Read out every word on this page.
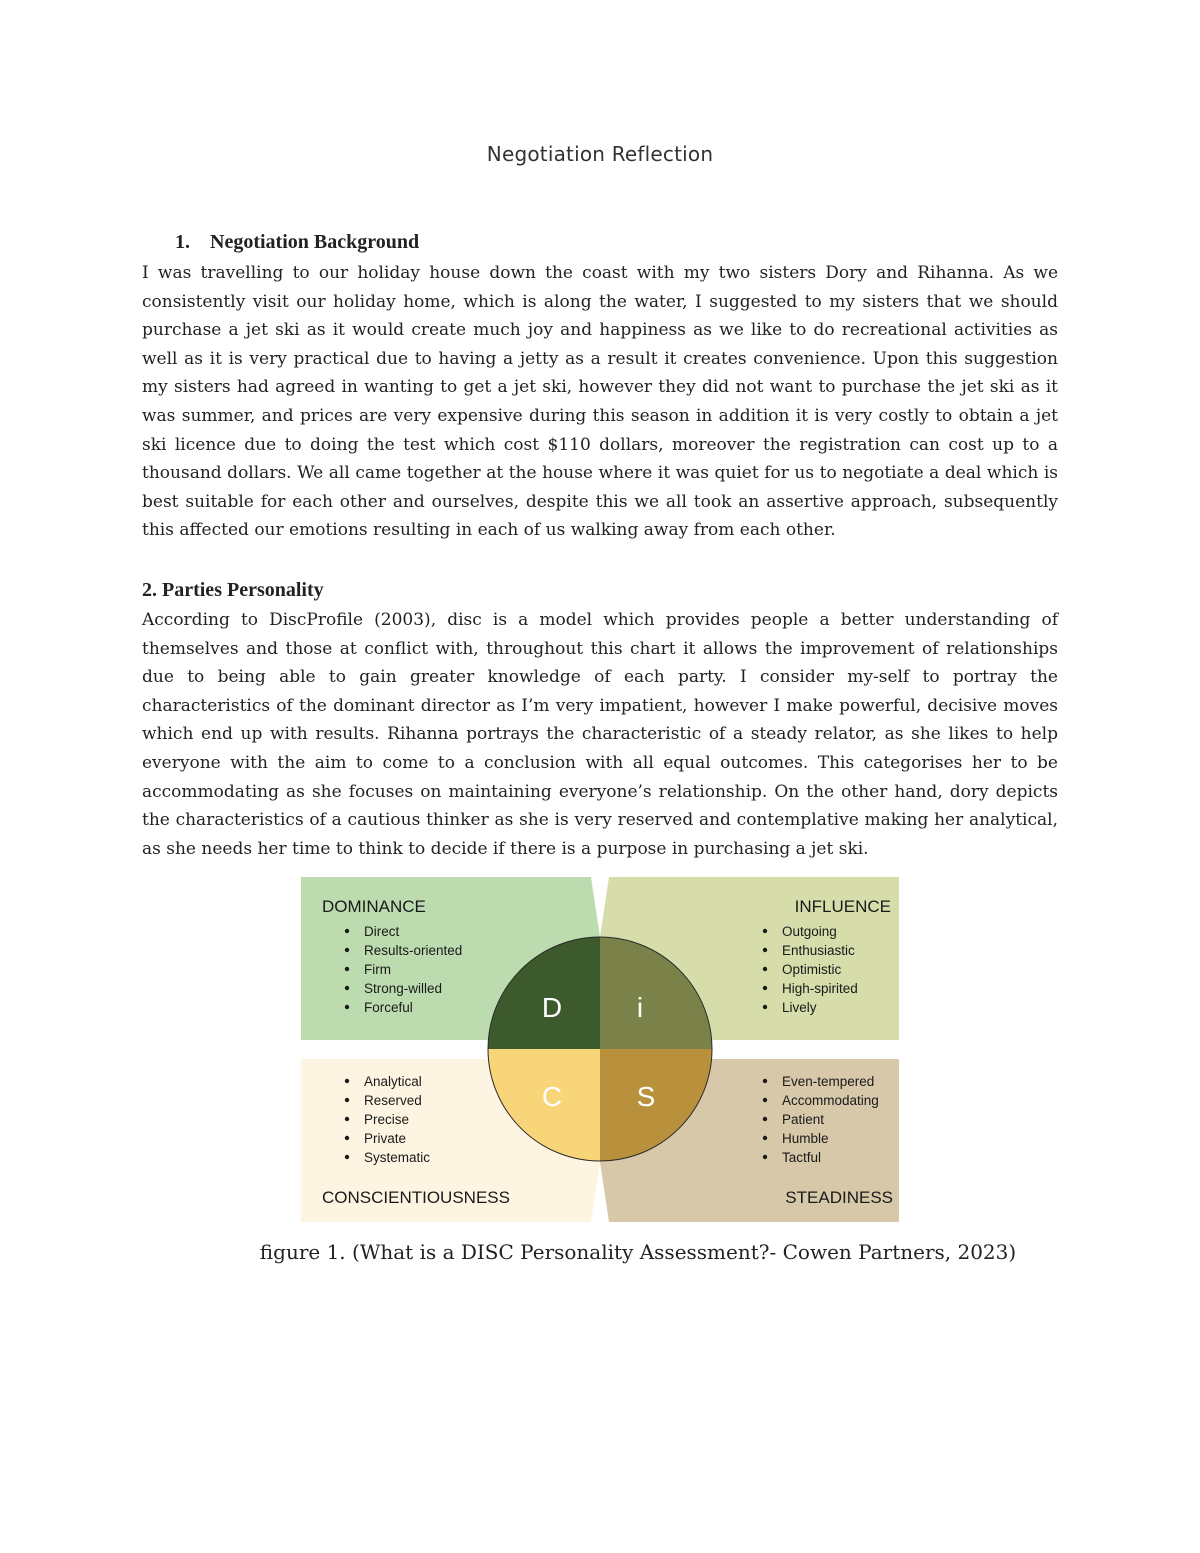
Negotiation Reflection
1. Negotiation Background

I was travelling to our holiday house down the coast with my two sisters Dory and Rihanna. As we consistently visit our holiday home, which is along the water, I suggested to my sisters that we should purchase a jet ski as it would create much joy and happiness as we like to do recreational activities as well as it is very practical due to having a jetty as a result it creates convenience. Upon this suggestion my sisters had agreed in wanting to get a jet ski, however they did not want to purchase the jet ski as it was summer, and prices are very expensive during this season in addition it is very costly to obtain a jet ski licence due to doing the test which cost $110 dollars, moreover the registration can cost up to a thousand dollars. We all came together at the house where it was quiet for us to negotiate a deal which is best suitable for each other and ourselves, despite this we all took an assertive approach, subsequently this affected our emotions resulting in each of us walking away from each other.

2. Parties Personality

According to DiscProfile (2003), disc is a model which provides people a better understanding of themselves and those at conflict with, throughout this chart it allows the improvement of relationships due to being able to gain greater knowledge of each party. I consider my-self to portray the characteristics of the dominant director as I’m very impatient, however I make powerful, decisive moves which end up with results. Rihanna portrays the characteristic of a steady relator, as she likes to help everyone with the aim to come to a conclusion with all equal outcomes. This categorises her to be accommodating as she focuses on maintaining everyone’s relationship. On the other hand, dory depicts the characteristics of a cautious thinker as she is very reserved and contemplative making her analytical, as she needs her time to think to decide if there is a purpose in purchasing a jet ski.

D	i
C	S
DOMINANCE	INFLUENCE
CONSCIENTIOUSNESS	STEADINESS
Direct
Results-oriented
Firm
Strong-willed
Forceful
Outgoing
Enthusiastic
Optimistic
High-spirited
Lively
Analytical
Reserved
Precise
Private
Systematic
Even-tempered
Accommodating
Patient
Humble
Tactful
figure 1. (What is a DISC Personality Assessment?- Cowen Partners, 2023)
